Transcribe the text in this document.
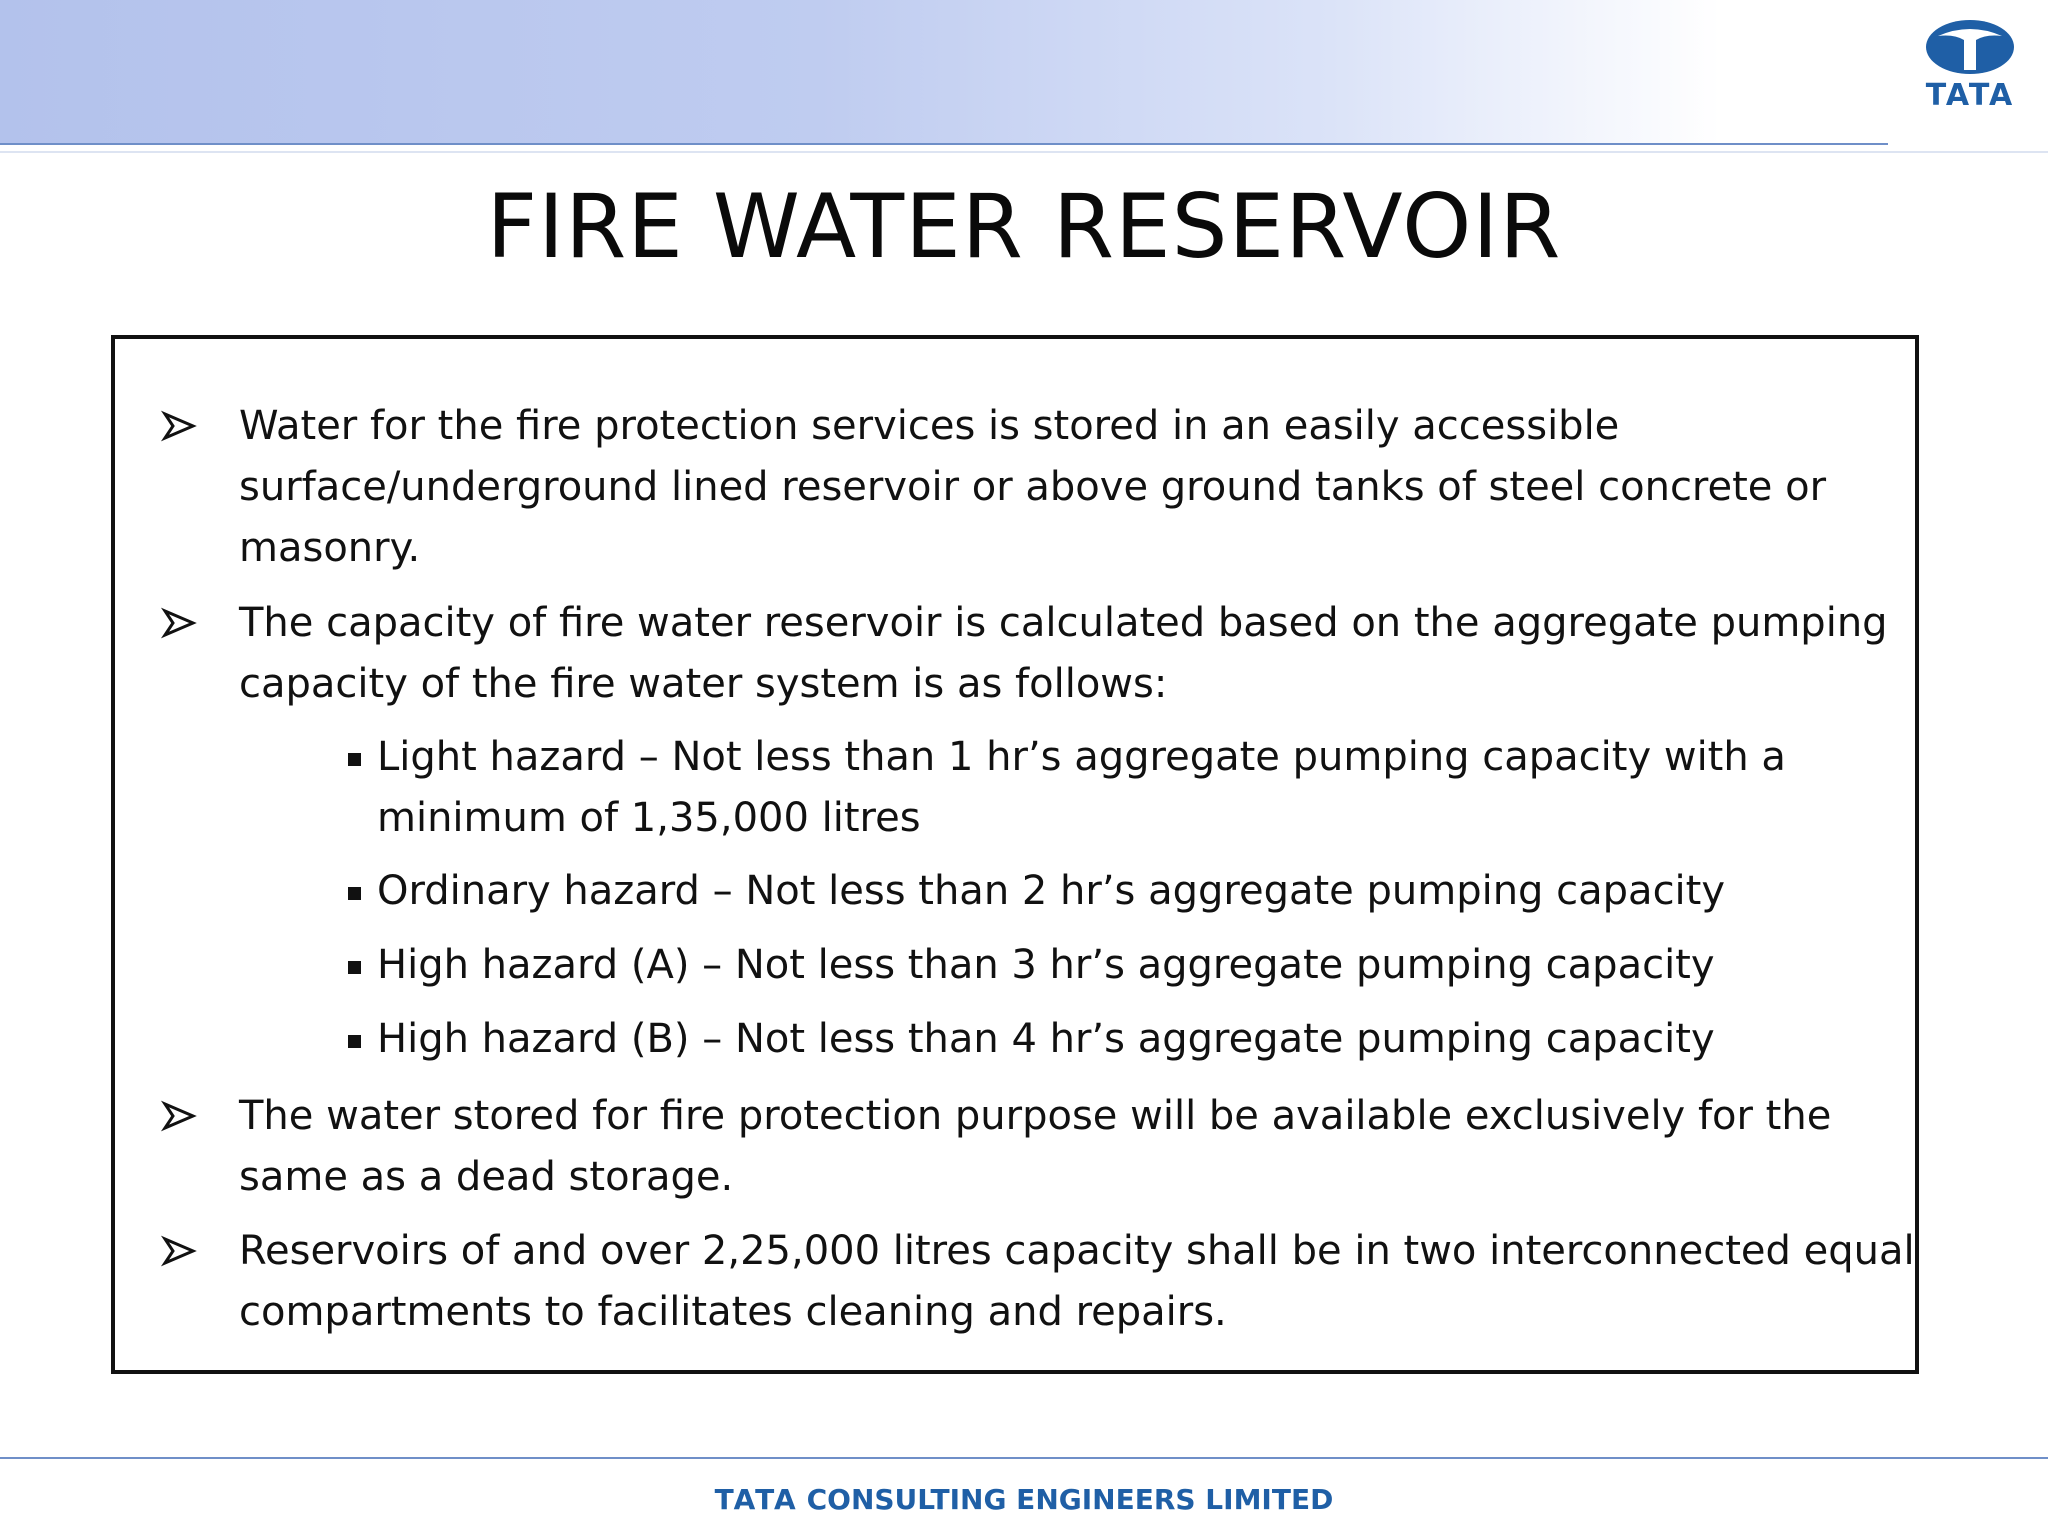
TATA
FIRE WATER RESERVOIR
Water for the fire protection services is stored in an easily accessible surface/underground lined reservoir or above ground tanks of steel concrete or masonry.
The capacity of fire water reservoir is calculated based on the aggregate pumping capacity of the fire water system is as follows:
Light hazard – Not less than 1 hr’s aggregate pumping capacity with a minimum of 1,35,000 litres
Ordinary hazard – Not less than 2 hr’s aggregate pumping capacity
High hazard (A) – Not less than 3 hr’s aggregate pumping capacity
High hazard (B) – Not less than 4 hr’s aggregate pumping capacity
The water stored for fire protection purpose will be available exclusively for the same as a dead storage.
Reservoirs of and over 2,25,000 litres capacity shall be in two interconnected equal compartments to facilitates cleaning and repairs.
TATA CONSULTING ENGINEERS LIMITED
